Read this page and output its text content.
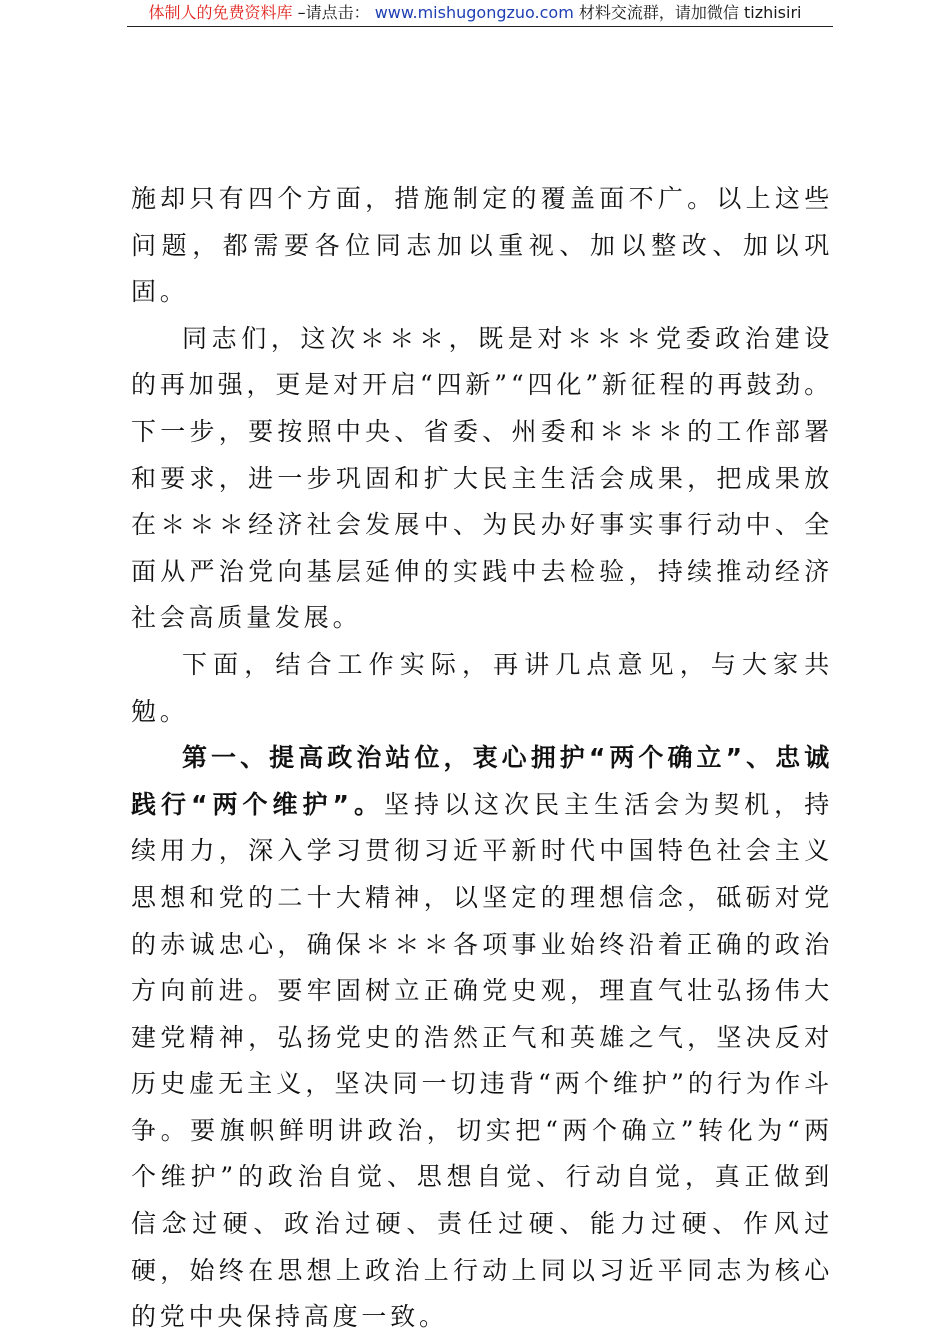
体制人的免费资料库 –请点击： www.mishugongzuo.com 材料交流群，请加微信 tizhisiri

施却只有四个方面，措施制定的覆盖面不广。以上这些问题，都需要各位同志加以重视、加以整改、加以巩固。

同志们，这次＊＊＊，既是对＊＊＊党委政治建设的再加强，更是对开启“四新”“四化”新征程的再鼓劲。下一步，要按照中央、省委、州委和＊＊＊的工作部署和要求，进一步巩固和扩大民主生活会成果，把成果放在＊＊＊经济社会发展中、为民办好事实事行动中、全面从严治党向基层延伸的实践中去检验，持续推动经济社会高质量发展。

下面，结合工作实际，再讲几点意见，与大家共勉。

第一、提高政治站位，衷心拥护“两个确立”、忠诚践行“两个维护”。坚持以这次民主生活会为契机，持续用力，深入学习贯彻习近平新时代中国特色社会主义思想和党的二十大精神，以坚定的理想信念，砥砺对党的赤诚忠心，确保＊＊＊各项事业始终沿着正确的政治方向前进。要牢固树立正确党史观，理直气壮弘扬伟大建党精神，弘扬党史的浩然正气和英雄之气，坚决反对历史虚无主义，坚决同一切违背“两个维护”的行为作斗争。要旗帜鲜明讲政治，切实把“两个确立”转化为“两个维护”的政治自觉、思想自觉、行动自觉，真正做到信念过硬、政治过硬、责任过硬、能力过硬、作风过硬，始终在思想上政治上行动上同以习近平同志为核心的党中央保持高度一致。
